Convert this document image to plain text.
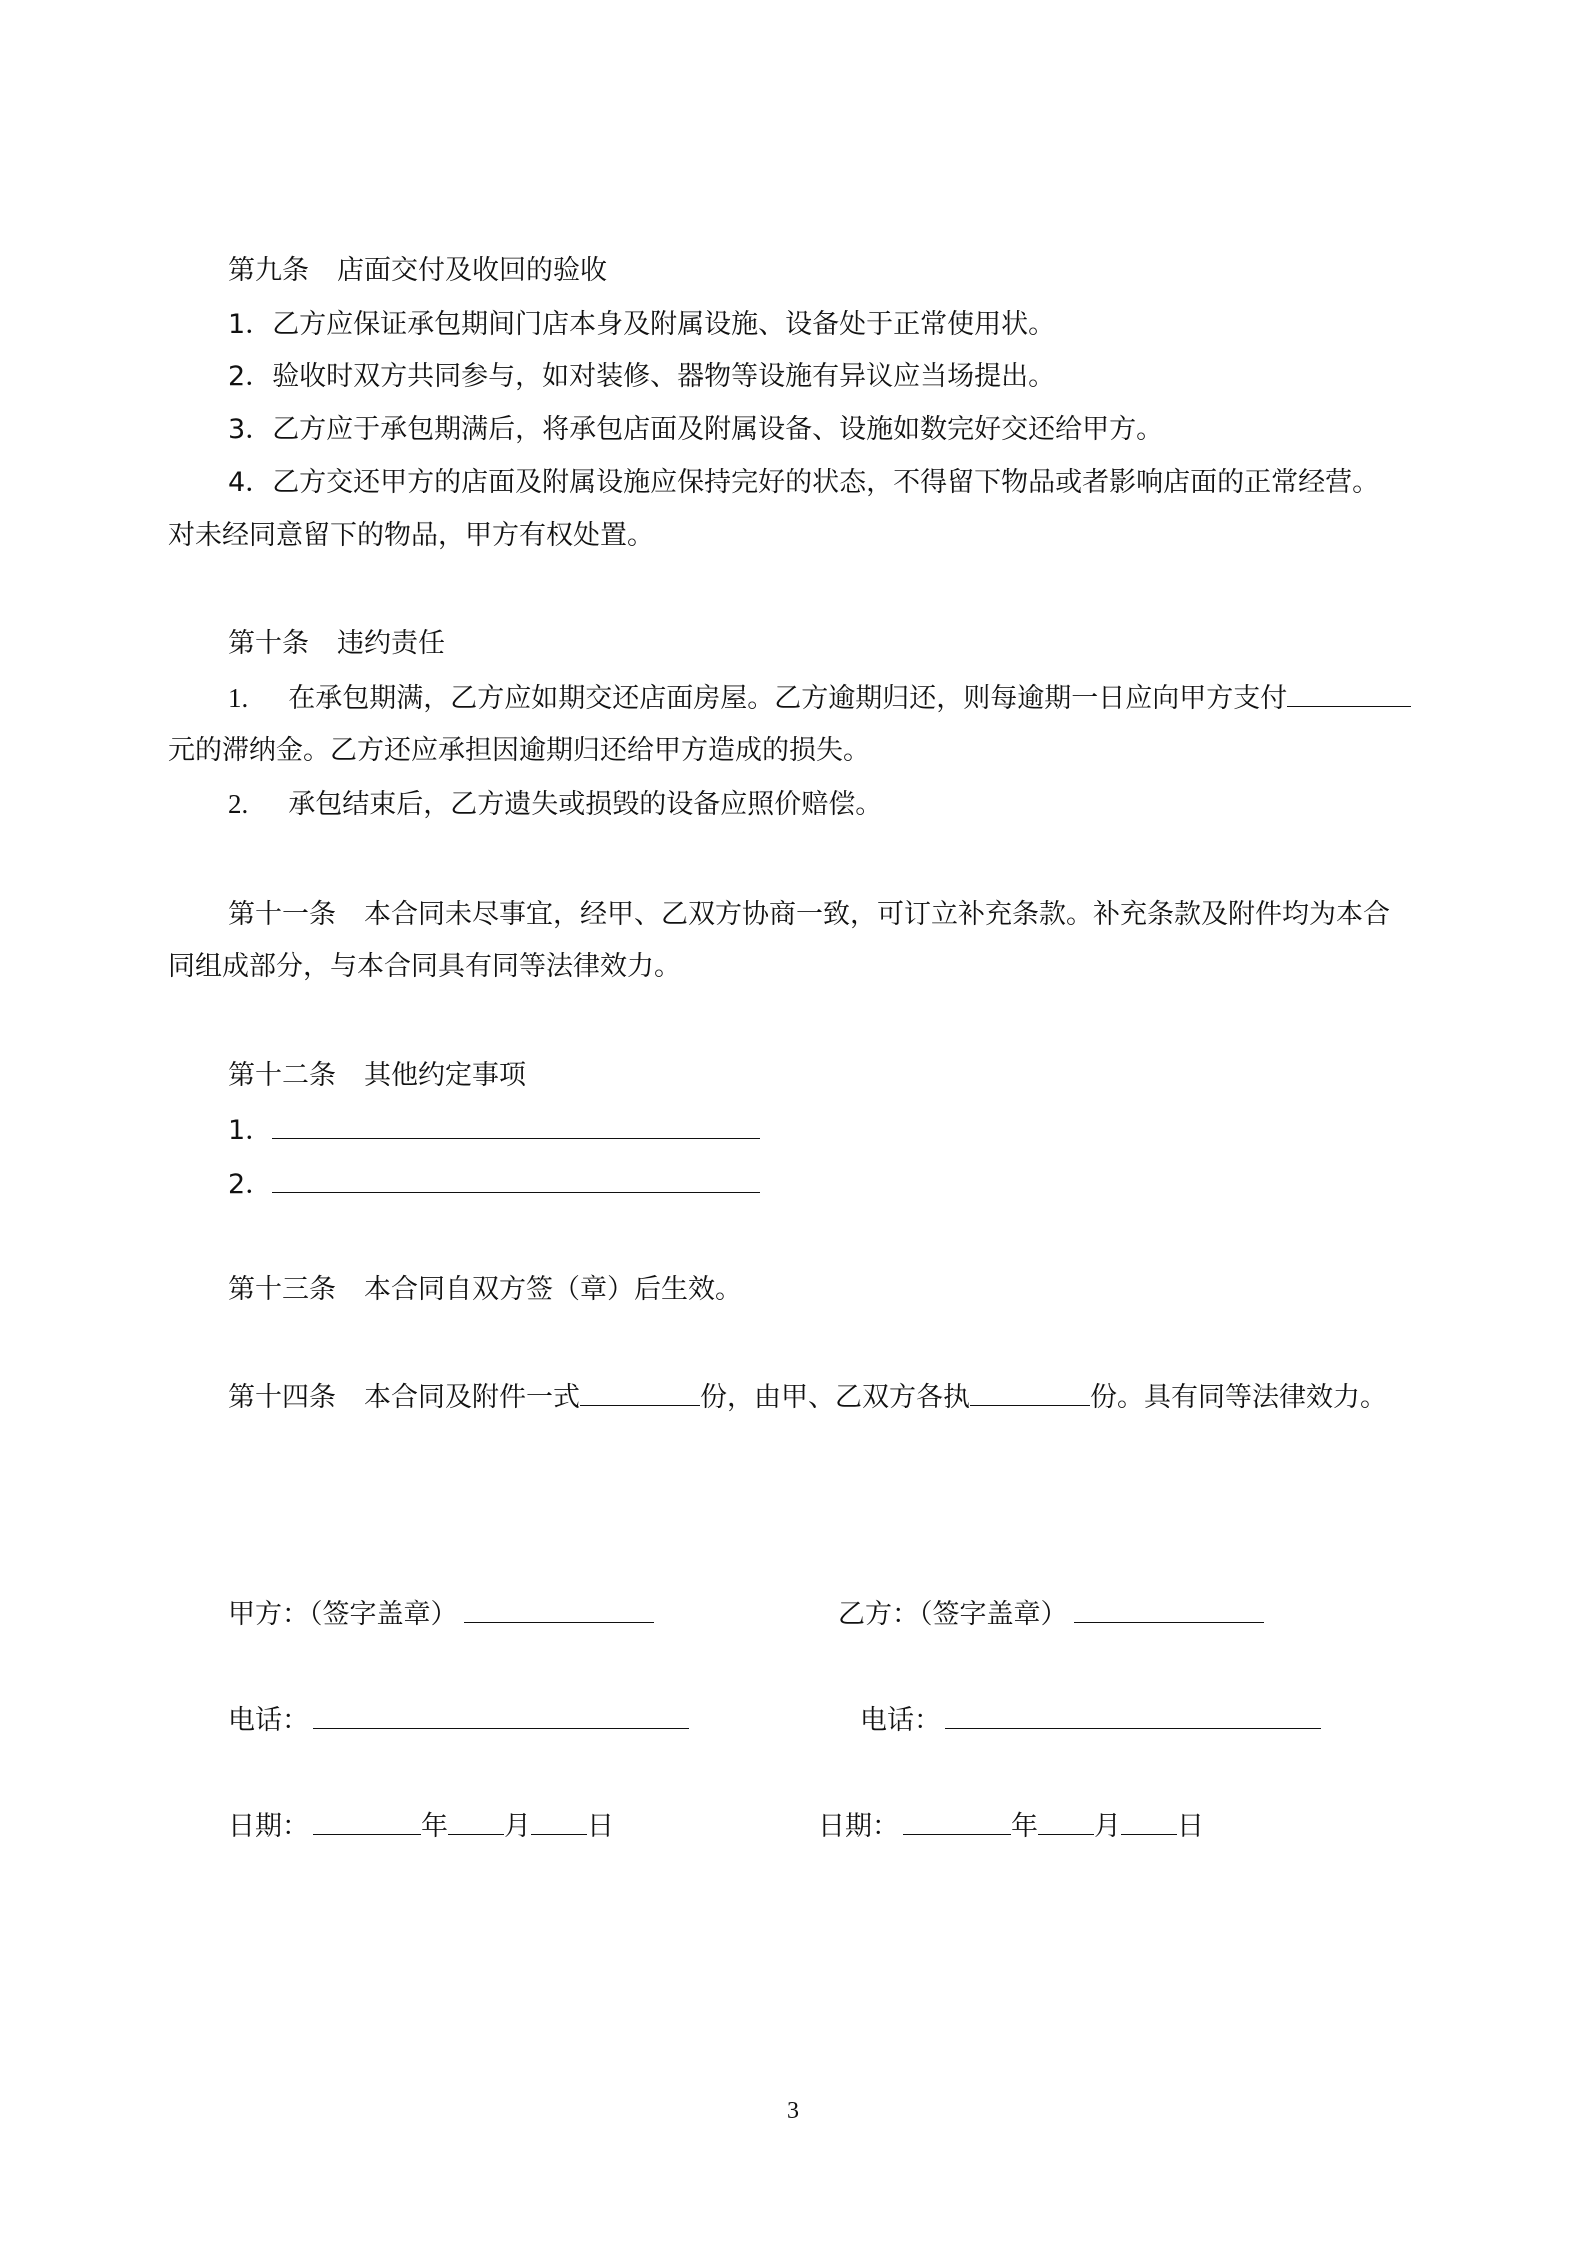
第九条 店面交付及收回的验收
1．乙方应保证承包期间门店本身及附属设施、设备处于正常使用状。
2．验收时双方共同参与，如对装修、器物等设施有异议应当场提出。
3．乙方应于承包期满后，将承包店面及附属设备、设施如数完好交还给甲方。
4．乙方交还甲方的店面及附属设施应保持完好的状态，不得留下物品或者影响店面的正常经营。
对未经同意留下的物品，甲方有权处置。
第十条 违约责任
1. 在承包期满，乙方应如期交还店面房屋。乙方逾期归还，则每逾期一日应向甲方支付
元的滞纳金。乙方还应承担因逾期归还给甲方造成的损失。
2. 承包结束后，乙方遗失或损毁的设备应照价赔偿。
第十一条 本合同未尽事宜，经甲、乙双方协商一致，可订立补充条款。补充条款及附件均为本合
同组成部分，与本合同具有同等法律效力。
第十二条 其他约定事项
1．
2．
第十三条 本合同自双方签（章）后生效。
第十四条 本合同及附件一式	份，由甲、乙双方各执	份。具有同等法律效力。
甲方：（签字盖章）	乙方：（签字盖章）
电话：	电话：
日期：	年 月 日	日期：	年 月 日
3
